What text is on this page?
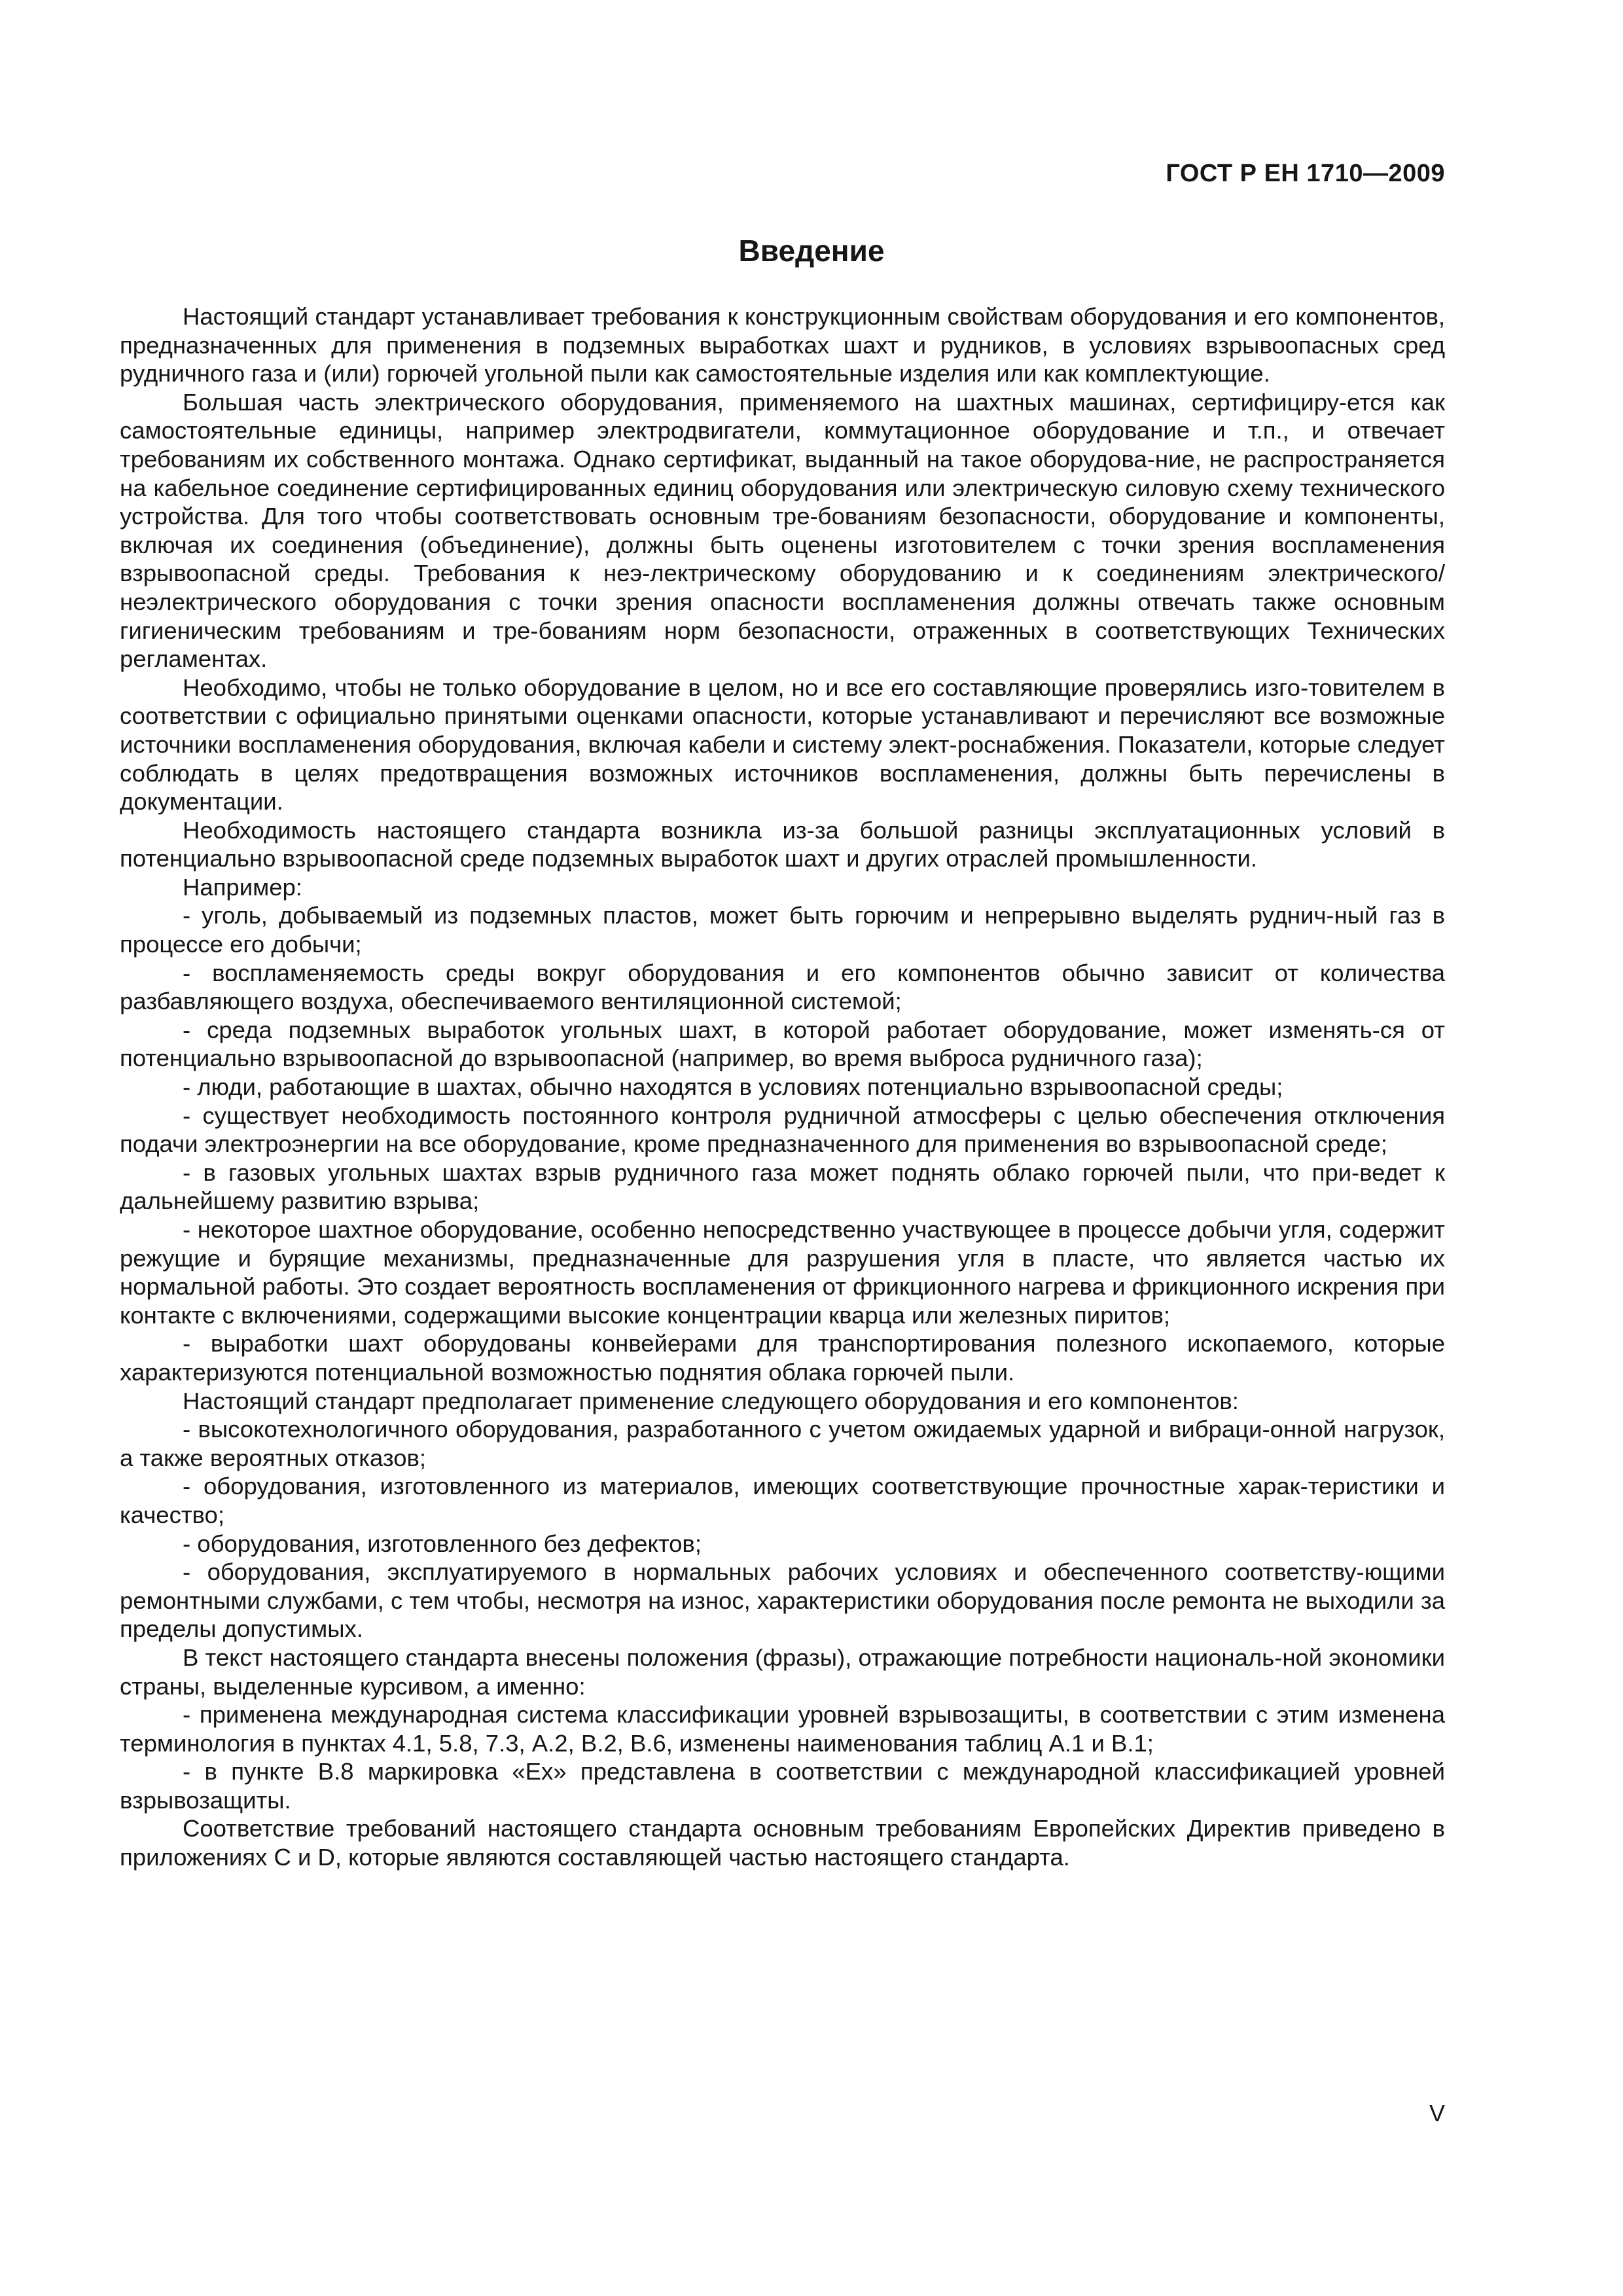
ГОСТ Р ЕН 1710—2009
Введение

Настоящий стандарт устанавливает требования к конструкционным свойствам оборудования и его компонентов, предназначенных для применения в подземных выработках шахт и рудников, в условиях взрывоопасных сред рудничного газа и (или) горючей угольной пыли как самостоятельные изделия или как комплектующие.

Большая часть электрического оборудования, применяемого на шахтных машинах, сертифициру-ется как самостоятельные единицы, например электродвигатели, коммутационное оборудование и т.п., и отвечает требованиям их собственного монтажа. Однако сертификат, выданный на такое оборудова-ние, не распространяется на кабельное соединение сертифицированных единиц оборудования или электрическую силовую схему технического устройства. Для того чтобы соответствовать основным тре-бованиям безопасности, оборудование и компоненты, включая их соединения (объединение), должны быть оценены изготовителем с точки зрения воспламенения взрывоопасной среды. Требования к неэ-лектрическому оборудованию и к соединениям электрического/неэлектрического оборудования с точки зрения опасности воспламенения должны отвечать также основным гигиеническим требованиям и тре-бованиям норм безопасности, отраженных в соответствующих Технических регламентах.

Необходимо, чтобы не только оборудование в целом, но и все его составляющие проверялись изго-товителем в соответствии с официально принятыми оценками опасности, которые устанавливают и перечисляют все возможные источники воспламенения оборудования, включая кабели и систему элект-роснабжения. Показатели, которые следует соблюдать в целях предотвращения возможных источников воспламенения, должны быть перечислены в документации.

Необходимость настоящего стандарта возникла из-за большой разницы эксплуатационных условий в потенциально взрывоопасной среде подземных выработок шахт и других отраслей промышленности.

Например:

- уголь, добываемый из подземных пластов, может быть горючим и непрерывно выделять руднич-ный газ в процессе его добычи;

- воспламеняемость среды вокруг оборудования и его компонентов обычно зависит от количества разбавляющего воздуха, обеспечиваемого вентиляционной системой;

- среда подземных выработок угольных шахт, в которой работает оборудование, может изменять-ся от потенциально взрывоопасной до взрывоопасной (например, во время выброса рудничного газа);

- люди, работающие в шахтах, обычно находятся в условиях потенциально взрывоопасной среды;

- существует необходимость постоянного контроля рудничной атмосферы с целью обеспечения отключения подачи электроэнергии на все оборудование, кроме предназначенного для применения во взрывоопасной среде;

- в газовых угольных шахтах взрыв рудничного газа может поднять облако горючей пыли, что при-ведет к дальнейшему развитию взрыва;

- некоторое шахтное оборудование, особенно непосредственно участвующее в процессе добычи угля, содержит режущие и бурящие механизмы, предназначенные для разрушения угля в пласте, что является частью их нормальной работы. Это создает вероятность воспламенения от фрикционного нагрева и фрикционного искрения при контакте с включениями, содержащими высокие концентрации кварца или железных пиритов;

- выработки шахт оборудованы конвейерами для транспортирования полезного ископаемого, которые характеризуются потенциальной возможностью поднятия облака горючей пыли.

Настоящий стандарт предполагает применение следующего оборудования и его компонентов:

- высокотехнологичного оборудования, разработанного с учетом ожидаемых ударной и вибраци-онной нагрузок, а также вероятных отказов;

- оборудования, изготовленного из материалов, имеющих соответствующие прочностные харак-теристики и качество;

- оборудования, изготовленного без дефектов;

- оборудования, эксплуатируемого в нормальных рабочих условиях и обеспеченного соответству-ющими ремонтными службами, с тем чтобы, несмотря на износ, характеристики оборудования после ремонта не выходили за пределы допустимых.

В текст настоящего стандарта внесены положения (фразы), отражающие потребности националь-ной экономики страны, выделенные курсивом, а именно:

- применена международная система классификации уровней взрывозащиты, в соответствии с этим изменена терминология в пунктах 4.1, 5.8, 7.3, А.2, В.2, В.6, изменены наименования таблиц А.1 и В.1;

- в пункте В.8 маркировка «Ex» представлена в соответствии с международной классификацией уровней взрывозащиты.

Соответствие требований настоящего стандарта основным требованиям Европейских Директив приведено в приложениях С и D, которые являются составляющей частью настоящего стандарта.

V
